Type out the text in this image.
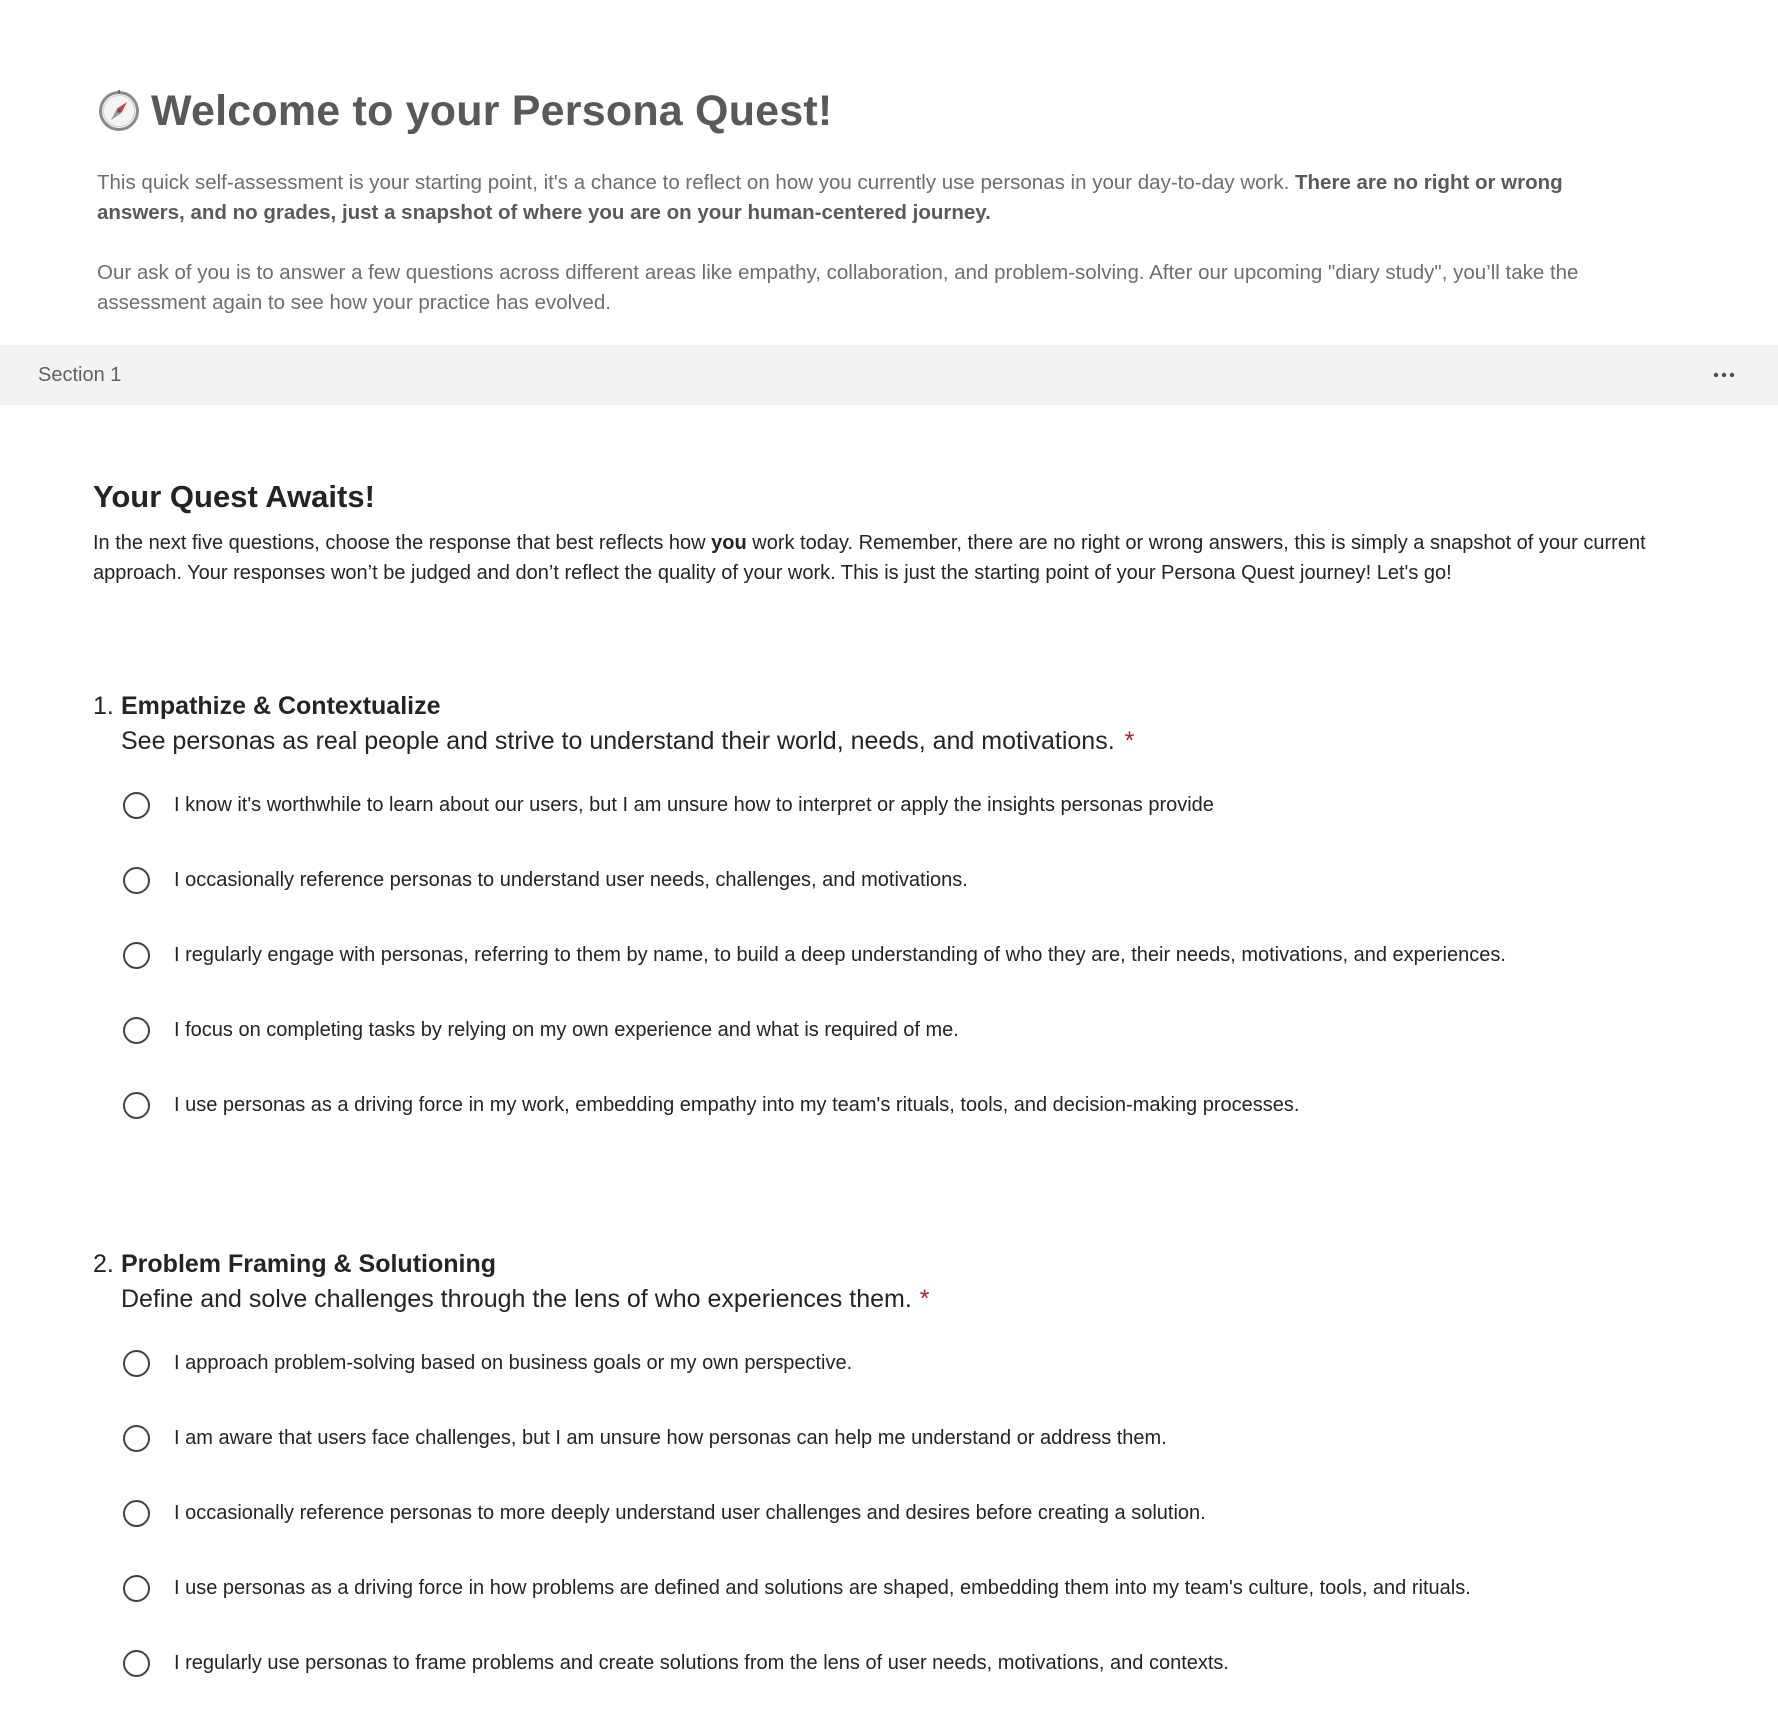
Welcome to your Persona Quest!

This quick self-assessment is your starting point, it's a chance to reflect on how you currently use personas in your day-to-day work. There are no right or wrong answers, and no grades, just a snapshot of where you are on your human-centered journey.

Our ask of you is to answer a few questions across different areas like empathy, collaboration, and problem-solving. After our upcoming "diary study", you’ll take the assessment again to see how your practice has evolved.

Section 1
Your Quest Awaits!
In the next five questions, choose the response that best reflects how you work today. Remember, there are no right or wrong answers, this is simply a snapshot of your current approach. Your responses won’t be judged and don’t reflect the quality of your work. This is just the starting point of your Persona Quest journey! Let's go!
1. Empathize & Contextualize
See personas as real people and strive to understand their world, needs, and motivations. *
I know it's worthwhile to learn about our users, but I am unsure how to interpret or apply the insights personas provide
I occasionally reference personas to understand user needs, challenges, and motivations.
I regularly engage with personas, referring to them by name, to build a deep understanding of who they are, their needs, motivations, and experiences.
I focus on completing tasks by relying on my own experience and what is required of me.
I use personas as a driving force in my work, embedding empathy into my team's rituals, tools, and decision-making processes.
2. Problem Framing & Solutioning
Define and solve challenges through the lens of who experiences them. *
I approach problem-solving based on business goals or my own perspective.
I am aware that users face challenges, but I am unsure how personas can help me understand or address them.
I occasionally reference personas to more deeply understand user challenges and desires before creating a solution.
I use personas as a driving force in how problems are defined and solutions are shaped, embedding them into my team's culture, tools, and rituals.
I regularly use personas to frame problems and create solutions from the lens of user needs, motivations, and contexts.
